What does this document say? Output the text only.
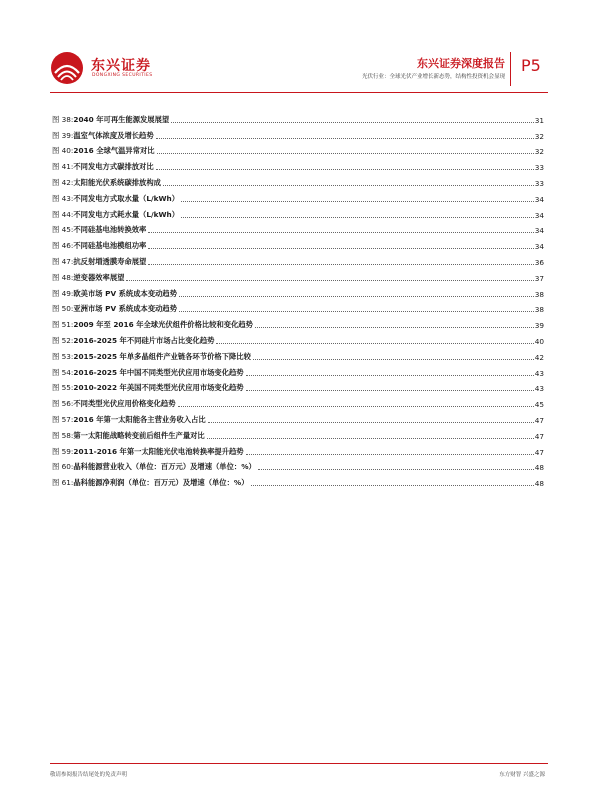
东兴证券
DONGXING SECURITIES
东兴证券深度报告
光伏行业：全球光伏产业增长新态势，结构性投资机会显现
P5
图 38:2040 年可再生能源发展展望	31
图 39:温室气体浓度及增长趋势	32
图 40:2016 全球气温异常对比	32
图 41:不同发电方式碳排放对比	33
图 42:太阳能光伏系统碳排放构成	33
图 43:不同发电方式取水量（L/kWh）	34
图 44:不同发电方式耗水量（L/kWh）	34
图 45:不同硅基电池转换效率	34
图 46:不同硅基电池模组功率	34
图 47:抗反射増透膜寿命展望	36
图 48:逆变器效率展望	37
图 49:欧美市场 PV 系统成本变动趋势	38
图 50:亚洲市场 PV 系统成本变动趋势	38
图 51:2009 年至 2016 年全球光伏组件价格比较和变化趋势	39
图 52:2016-2025 年不同硅片市场占比变化趋势	40
图 53:2015-2025 年单多晶组件产业链各环节价格下降比较	42
图 54:2016-2025 年中国不同类型光伏应用市场变化趋势	43
图 55:2010-2022 年美国不同类型光伏应用市场变化趋势	43
图 56:不同类型光伏应用价格变化趋势	45
图 57:2016 年第一太阳能各主营业务收入占比	47
图 58:第一太阳能战略转变前后组件生产量对比	47
图 59:2011-2016 年第一太阳能光伏电池转换率提升趋势	47
图 60:晶科能源营业收入（单位：百万元）及增速（单位：%）	48
图 61:晶科能源净利润（单位：百万元）及增速（单位：%）	48
敬请参阅报告结尾处的免责声明	东方财智 兴盛之源
